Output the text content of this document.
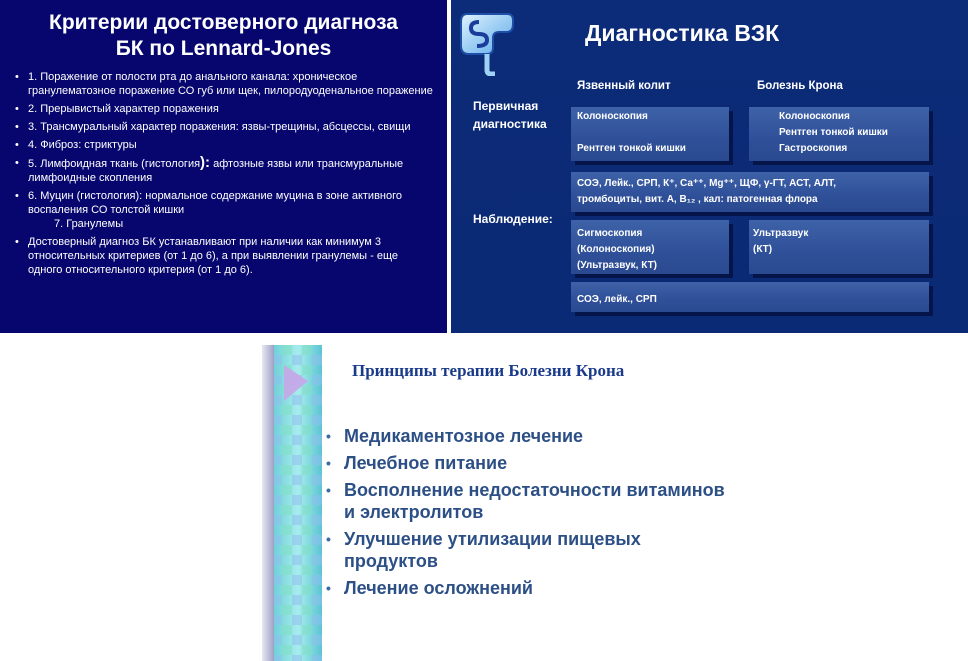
Критерии достоверного диагноза
БК по Lennard-Jones
• 1. Поражение от полости рта до анального канала: хроническое гранулематозное поражение СО губ или щек, пилородуоденальное поражение
• 2. Прерывистый характер поражения
• 3. Трансмуральный характер поражения: язвы-трещины, абсцессы, свищи
• 4. Фиброз: стриктуры
• 5. Лимфоидная ткань (гистология): афтозные язвы или трансмуральные лимфоидные скопления
• 6. Муцин (гистология): нормальное содержание муцина в зоне активного воспаления СО толстой кишки
7. Гранулемы
• Достоверный диагноз БК устанавливают при наличии как минимум 3 относительных критериев (от 1 до 6), а при выявлении гранулемы - еще одного относительного критерия (от 1 до 6).
Диагностика ВЗК
Язвенный колит	Болезнь Крона
Первичная
диагностика
Наблюдение:
Колоноскопия
Рентген тонкой кишки
Колоноскопия
Рентген тонкой кишки
Гастроскопия
СОЭ, Лейк., СРП, К⁺, Са⁺⁺, Mg⁺⁺, ЩФ, γ-ГТ, АСТ, АЛТ,
тромбоциты, вит. А, B₁₂ , кал: патогенная флора
Сигмоскопия
(Колоноскопия)
(Ультразвук, КТ)
Ультразвук
(КТ)
СОЭ, лейк., СРП
Принципы терапии Болезни Крона
• Медикаментозное лечение
• Лечебное питание
• Восполнение недостаточности витаминов и электролитов
• Улучшение утилизации пищевых продуктов
• Лечение осложнений
